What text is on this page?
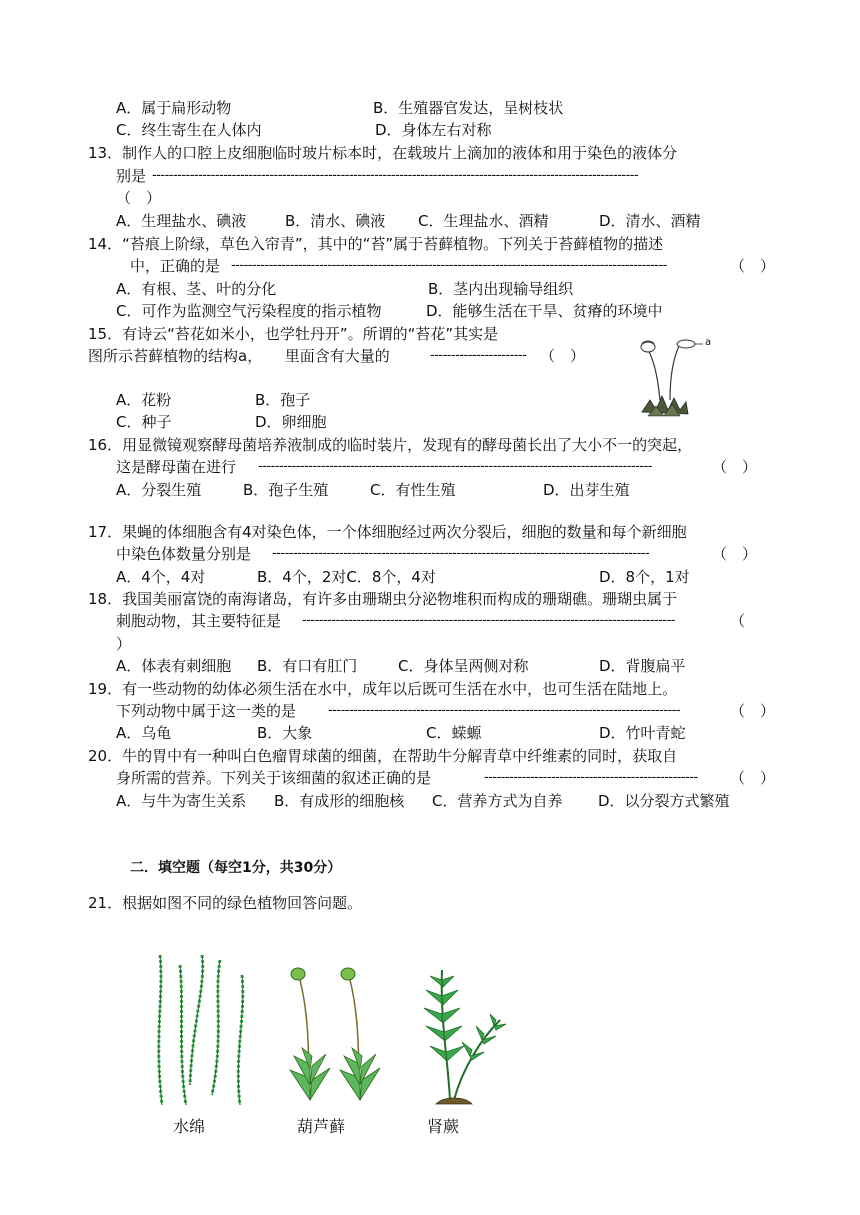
A．属于扁形动物	B．生殖器官发达，呈树枝状
C．终生寄生在人体内	D．身体左右对称
13．制作人的口腔上皮细胞临时玻片标本时，在载玻片上滴加的液体和用于染色的液体分
别是 --------------------------------------------------------------------------------------------------------------------
（　）
A．生理盐水、碘液	B．清水、碘液 C．生理盐水、酒精	D．清水、酒精
14．“苔痕上阶绿，草色入帘青”，其中的“苔”属于苔藓植物。下列关于苔藓植物的描述
中，正确的是 --------------------------------------------------------------------------------------------------------	（　）
A．有根、茎、叶的分化	B．茎内出现输导组织
C．可作为监测空气污染程度的指示植物	D．能够生活在干旱、贫瘠的环境中
15．有诗云“苔花如米小，也学牡丹开”。所谓的“苔花”其实是
图所示苔藓植物的结构a，　　里面含有大量的	----------------------- （　）
A．花粉	B．孢子
C．种子	D．卵细胞
a
16．用显微镜观察酵母菌培养液制成的临时装片，发现有的酵母菌长出了大小不一的突起，
这是酵母菌在进行 ----------------------------------------------------------------------------------------------	（　）
A．分裂生殖	B．孢子生殖	C．有性生殖	D．出芽生殖
17．果蝇的体细胞含有4对染色体，一个体细胞经过两次分裂后，细胞的数量和每个新细胞
中染色体数量分别是 ------------------------------------------------------------------------------------------	（　）
A．4个，4对	B．4个，2对C．8个，4对	D．8个，1对
18．我国美丽富饶的南海诸岛，有许多由珊瑚虫分泌物堆积而构成的珊瑚礁。珊瑚虫属于
刺胞动物，其主要特征是 -----------------------------------------------------------------------------------------	（
）
A．体表有刺细胞 B．有口有肛门	C．身体呈两侧对称	D．背腹扁平
19．有一些动物的幼体必须生活在水中，成年以后既可生活在水中，也可生活在陆地上。
下列动物中属于这一类的是 ------------------------------------------------------------------------------------	（　）
A．乌龟	B．大象	C．蝾螈	D．竹叶青蛇
20．牛的胃中有一种叫白色瘤胃球菌的细菌，在帮助牛分解青草中纤维素的同时，获取自
身所需的营养。下列关于该细菌的叙述正确的是	---------------------------------------------------	（　）
A．与牛为寄生关系 B．有成形的细胞核 C．营养方式为自养 D．以分裂方式繁殖
二．填空题（每空1分，共30分）
21．根据如图不同的绿色植物回答问题。
水绵	葫芦藓	肾蕨
